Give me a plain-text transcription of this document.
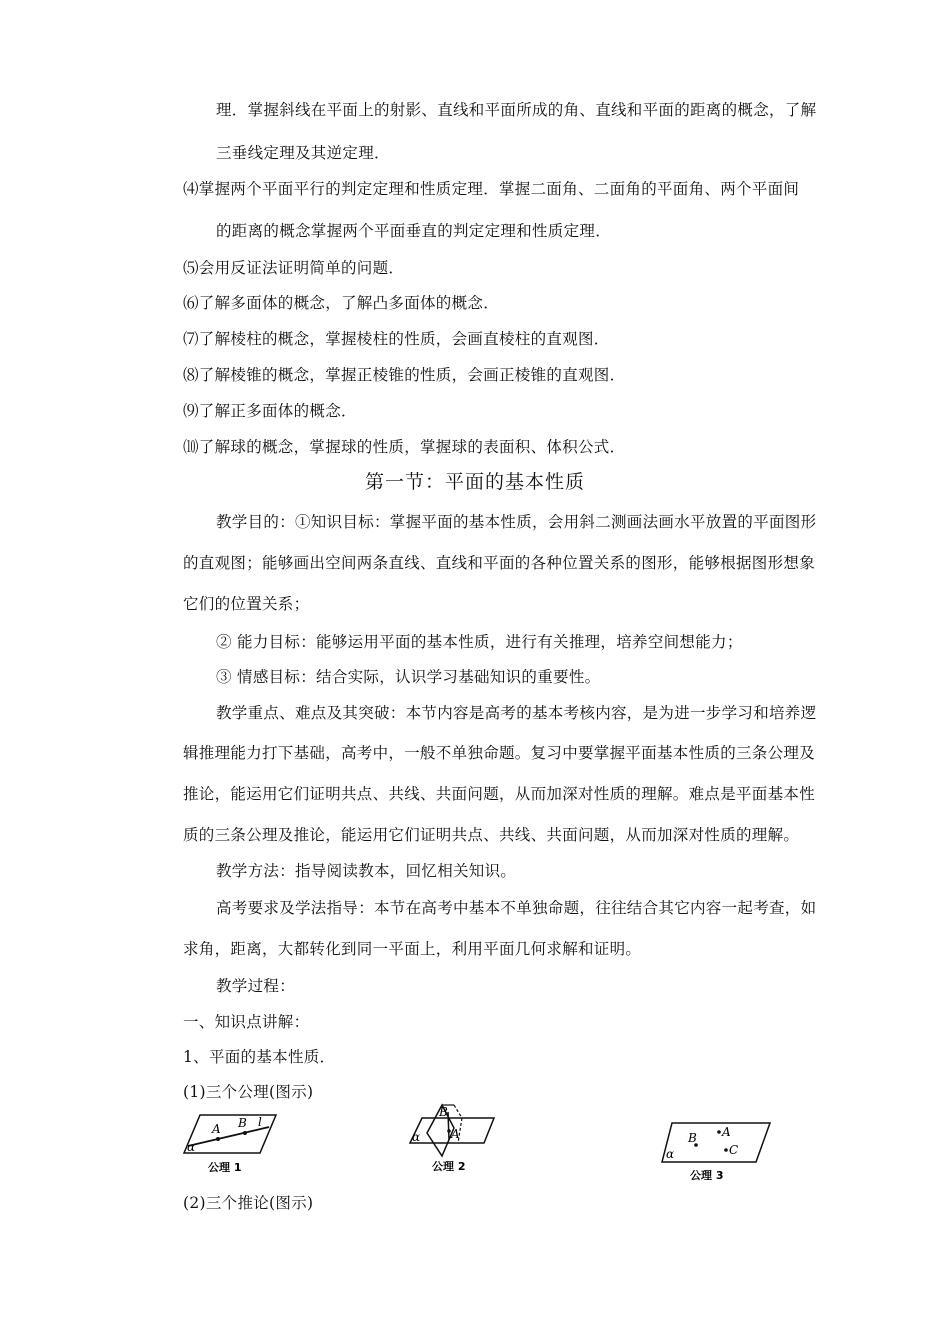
理．掌握斜线在平面上的射影、直线和平面所成的角、直线和平面的距离的概念，了解
三垂线定理及其逆定理．
⑷掌握两个平面平行的判定定理和性质定理．掌握二面角、二面角的平面角、两个平面间
的距离的概念掌握两个平面垂直的判定定理和性质定理．
⑸会用反证法证明简单的问题．
⑹了解多面体的概念，了解凸多面体的概念．
⑺了解棱柱的概念，掌握棱柱的性质，会画直棱柱的直观图．
⑻了解棱锥的概念，掌握正棱锥的性质，会画正棱锥的直观图．
⑼了解正多面体的概念．
⑽了解球的概念，掌握球的性质，掌握球的表面积、体积公式．
第一节：平面的基本性质
教学目的：①知识目标：掌握平面的基本性质，会用斜二测画法画水平放置的平面图形
的直观图；能够画出空间两条直线、直线和平面的各种位置关系的图形，能够根据图形想象
它们的位置关系；
② 能力目标：能够运用平面的基本性质，进行有关推理，培养空间想能力；
③ 情感目标：结合实际，认识学习基础知识的重要性。
教学重点、难点及其突破：本节内容是高考的基本考核内容，是为进一步学习和培养逻
辑推理能力打下基础，高考中，一般不单独命题。复习中要掌握平面基本性质的三条公理及
推论，能运用它们证明共点、共线、共面问题，从而加深对性质的理解。难点是平面基本性
质的三条公理及推论，能运用它们证明共点、共线、共面问题，从而加深对性质的理解。
教学方法：指导阅读教本，回忆相关知识。
高考要求及学法指导：本节在高考中基本不单独命题，往往结合其它内容一起考查，如
求角，距离，大都转化到同一平面上，利用平面几何求解和证明。
教学过程：
一、知识点讲解：
1、平面的基本性质．
(1)三个公理(图示)
A B l
α
公理 1
B
A
α
公理 2
A
B
C
α
公理 3
(2)三个推论(图示)
